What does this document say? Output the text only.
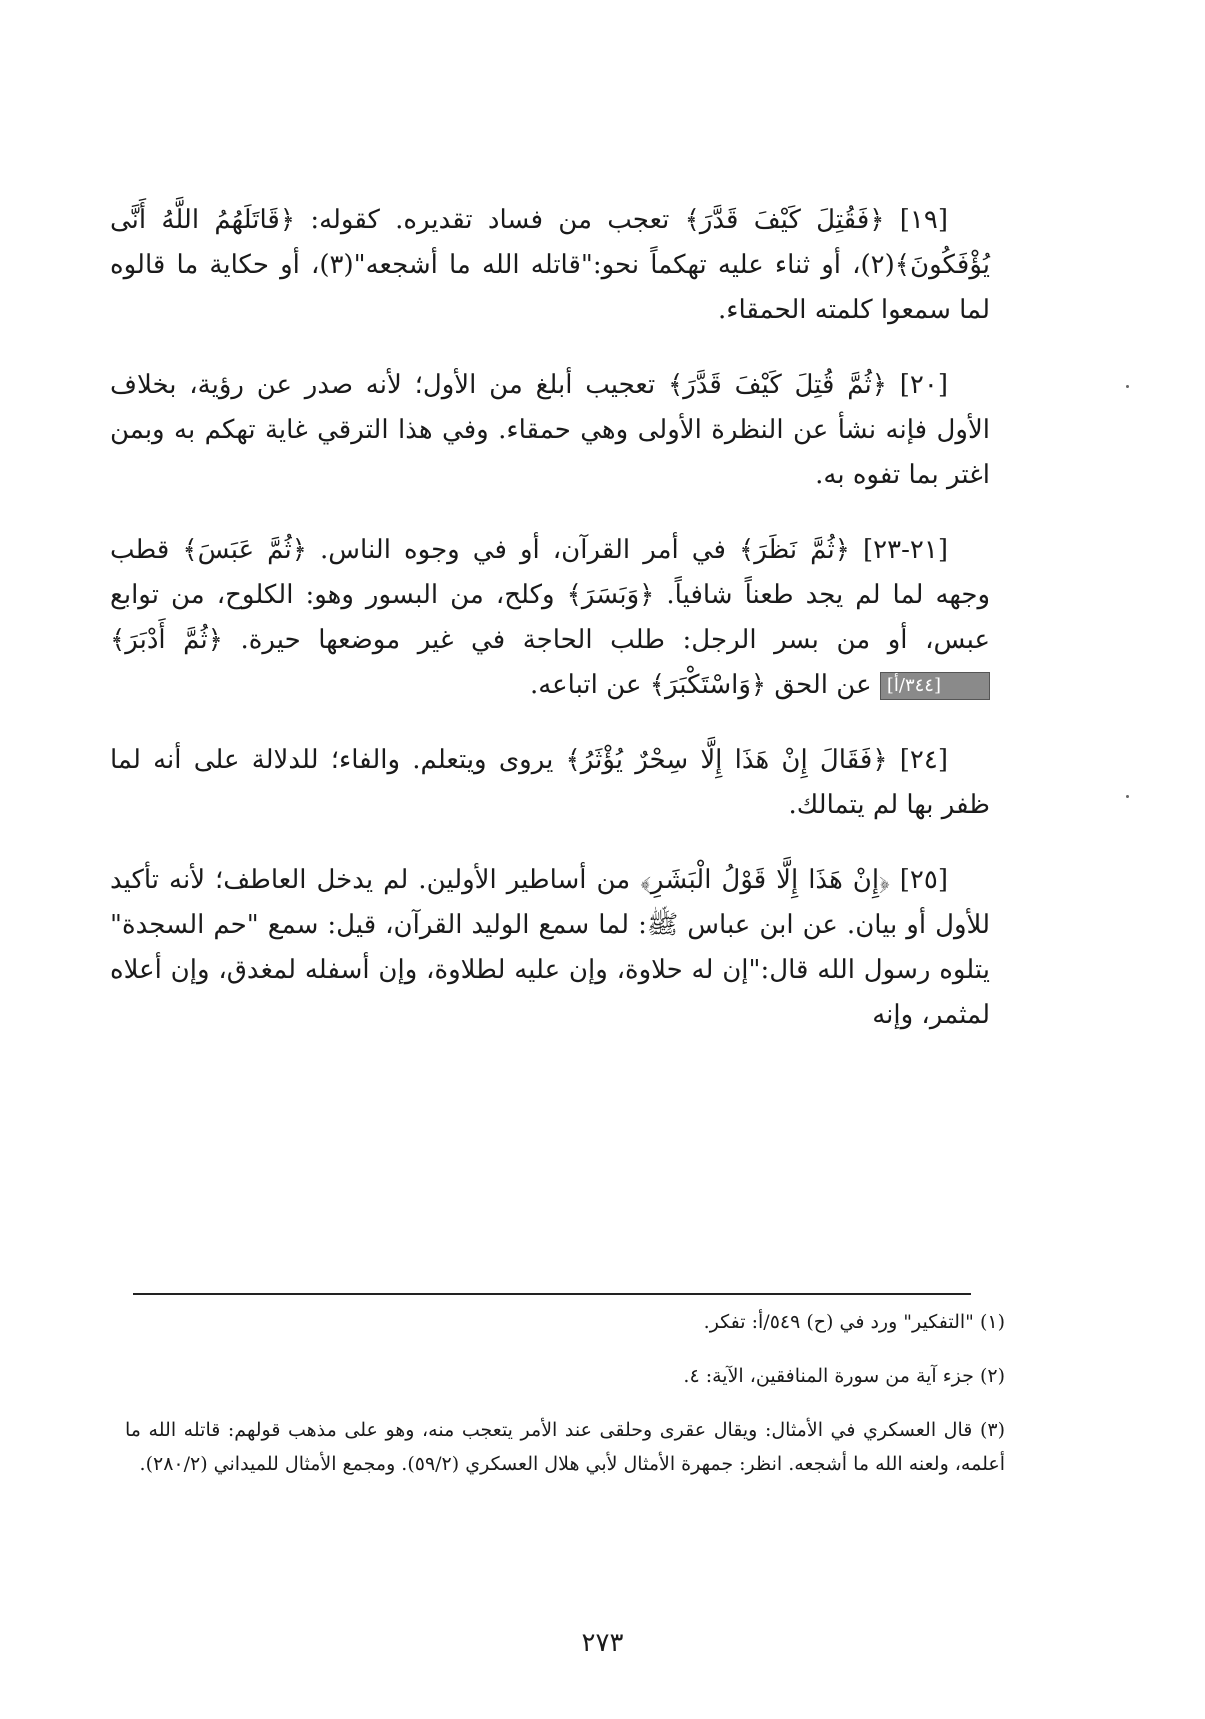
[١٩] ﴿فَقُتِلَ كَيْفَ قَدَّرَ﴾ تعجب من فساد تقديره. كقوله: ﴿قَاتَلَهُمُ اللَّهُ أَنَّى يُؤْفَكُونَ﴾(٢)، أو ثناء عليه تهكماً نحو:"قاتله الله ما أشجعه"(٣)، أو حكاية ما قالوه لما سمعوا كلمته الحمقاء.

[٢٠] ﴿ثُمَّ قُتِلَ كَيْفَ قَدَّرَ﴾ تعجيب أبلغ من الأول؛ لأنه صدر عن رؤية، بخلاف الأول فإنه نشأ عن النظرة الأولى وهي حمقاء. وفي هذا الترقي غاية تهكم به وبمن اغتر بما تفوه به.

[٢١-٢٣] ﴿ثُمَّ نَظَرَ﴾ في أمر القرآن، أو في وجوه الناس. ﴿ثُمَّ عَبَسَ﴾ قطب وجهه لما لم يجد طعناً شافياً. ﴿وَبَسَرَ﴾ وكلح، من البسور وهو: الكلوح، من توابع عبس، أو من بسر الرجل: طلب الحاجة في غير موضعها حيرة. ﴿ثُمَّ أَدْبَرَ﴾ [٣٤٤/أ] عن الحق ﴿وَاسْتَكْبَرَ﴾ عن اتباعه.

[٢٤] ﴿فَقَالَ إِنْ هَذَا إِلَّا سِحْرٌ يُؤْثَرُ﴾ يروى ويتعلم. والفاء؛ للدلالة على أنه لما ظفر بها لم يتمالك.

[٢٥] ﴿إِنْ هَذَا إِلَّا قَوْلُ الْبَشَرِ﴾ من أساطير الأولين. لم يدخل العاطف؛ لأنه تأكيد للأول أو بيان. عن ابن عباس ﷺ: لما سمع الوليد القرآن، قيل: سمع "حم السجدة" يتلوه رسول الله قال:"إن له حلاوة، وإن عليه لطلاوة، وإن أسفله لمغدق، وإن أعلاه لمثمر، وإنه

(١) "التفكير" ورد في (ح) ٥٤٩/أ: تفكر.

(٢) جزء آية من سورة المنافقين، الآية: ٤.

(٣) قال العسكري في الأمثال: ويقال عقرى وحلقى عند الأمر يتعجب منه، وهو على مذهب قولهم: قاتله الله ما أعلمه، ولعنه الله ما أشجعه. انظر: جمهرة الأمثال لأبي هلال العسكري (٥٩/٢). ومجمع الأمثال للميداني (٢٨٠/٢).

٢٧٣
